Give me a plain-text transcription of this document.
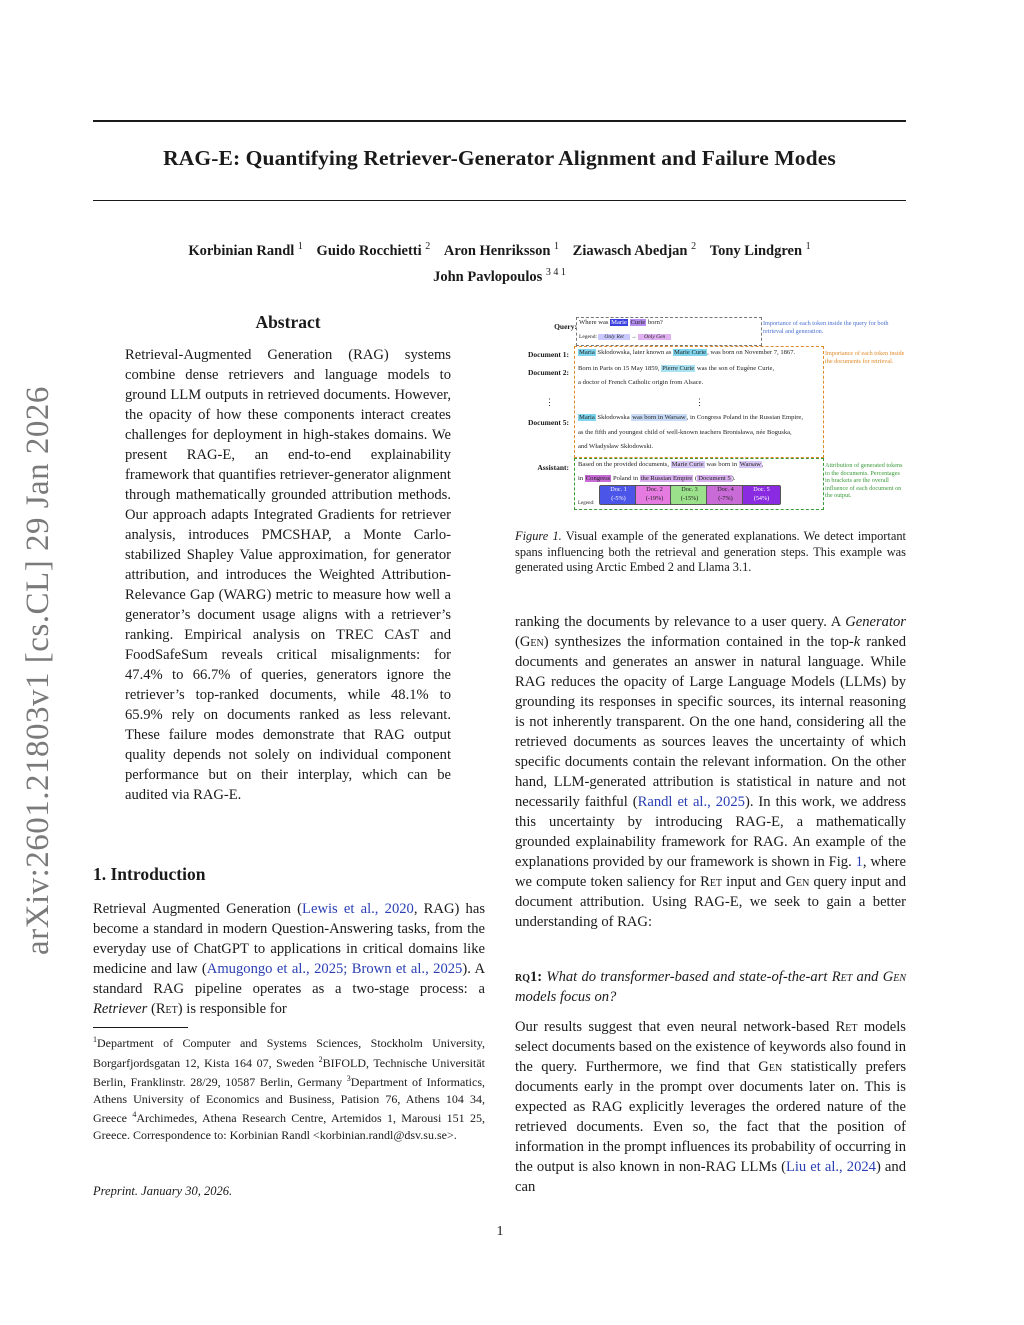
RAG-E: Quantifying Retriever-Generator Alignment and Failure Modes
Korbinian Randl $^1$ Guido Rocchietti $^2$ Aron Henriksson $^1$ Ziawasch Abedjan $^2$ Tony Lindgren $^1$
John Pavlopoulos $^{3 4 1}$
arXiv:2601.21803v1 [cs.CL] 29 Jan 2026
Abstract
Retrieval-Augmented Generation (RAG) systems combine dense retrievers and language models to ground LLM outputs in retrieved documents. However, the opacity of how these components interact creates challenges for deployment in high-stakes domains. We present RAG-E, an end-to-end explainability framework that quantifies retriever-generator alignment through mathematically grounded attribution methods. Our approach adapts Integrated Gradients for retriever analysis, introduces PMCSHAP, a Monte Carlo-stabilized Shapley Value approximation, for generator attribution, and introduces the Weighted Attribution-Relevance Gap (WARG) metric to measure how well a generator’s document usage aligns with a retriever’s ranking. Empirical analysis on TREC CAsT and FoodSafeSum reveals critical misalignments: for 47.4% to 66.7% of queries, generators ignore the retriever’s top-ranked documents, while 48.1% to 65.9% rely on documents ranked as less relevant. These failure modes demonstrate that RAG output quality depends not solely on individual component performance but on their interplay, which can be audited via RAG-E.
1. Introduction
Retrieval Augmented Generation (Lewis et al., 2020, RAG) has become a standard in modern Question-Answering tasks, from the everyday use of ChatGPT to applications in critical domains like medicine and law (Amugongo et al., 2025; Brown et al., 2025). A standard RAG pipeline operates as a two-stage process: a Retriever (Ret) is responsible for
$^1$Department of Computer and Systems Sciences, Stockholm University, Borgarfjordsgatan 12, Kista 164 07, Sweden $^2$BIFOLD, Technische Universität Berlin, Franklinstr. 28/29, 10587 Berlin, Germany $^3$Department of Informatics, Athens University of Economics and Business, Patision 76, Athens 104 34, Greece $^4$Archimedes, Athena Research Centre, Artemidos 1, Marousi 151 25, Greece. Correspondence to: Korbinian Randl <korbinian.randl@dsv.su.se>.
Preprint. January 30, 2026.
Query: Where was Marie Curie born?
Legend: Only Ret → Only Gen
Importance of each token inside the query for both retrieval and generation.
Document 1: Maria Skłodowska, later known as Marie Curie, was born on November 7, 1867.	Importance of each token inside the documents for retrieval.
Document 2: Born in Paris on 15 May 1859, Pierre Curie was the son of Eugène Curie,
a doctor of French Catholic origin from Alsace.
⋮	⋮
Document 5:
Maria Skłodowska was born in Warsaw, in Congress Poland in the Russian Empire,
as the fifth and youngest child of well-known teachers Bronisława, née Boguska,
and Władysław Skłodowski.
Assistant: Based on the provided documents, Marie Curie was born in Warsaw,
in Congress Poland in the Russian Empire (Document 5).
Attribution of generated tokens to the documents. Percentages in brackets are the overall influence of each document on the output.
Legend:
Doc. 1
(-5%)
Doc. 2
(-19%)
Doc. 3
(-15%)
Doc. 4
(-7%)
Doc. 5
(54%)
Figure 1. Visual example of the generated explanations. We detect important spans influencing both the retrieval and generation steps. This example was generated using Arctic Embed 2 and Llama 3.1.
ranking the documents by relevance to a user query. A Generator (Gen) synthesizes the information contained in the top-k ranked documents and generates an answer in natural language. While RAG reduces the opacity of Large Language Models (LLMs) by grounding its responses in specific sources, its internal reasoning is not inherently transparent. On the one hand, considering all the retrieved documents as sources leaves the uncertainty of which specific documents contain the relevant information. On the other hand, LLM-generated attribution is statistical in nature and not necessarily faithful (Randl et al., 2025). In this work, we address this uncertainty by introducing RAG-E, a mathematically grounded explainability framework for RAG. An example of the explanations provided by our framework is shown in Fig. 1, where we compute token saliency for Ret input and Gen query input and document attribution. Using RAG-E, we seek to gain a better understanding of RAG:
rq1: What do transformer-based and state-of-the-art Ret and Gen models focus on?
Our results suggest that even neural network-based Ret models select documents based on the existence of keywords also found in the query. Furthermore, we find that Gen statistically prefers documents early in the prompt over documents later on. This is expected as RAG explicitly leverages the ordered nature of the retrieved documents. Even so, the fact that the position of information in the prompt influences its probability of occurring in the output is also known in non-RAG LLMs (Liu et al., 2024) and can
1
